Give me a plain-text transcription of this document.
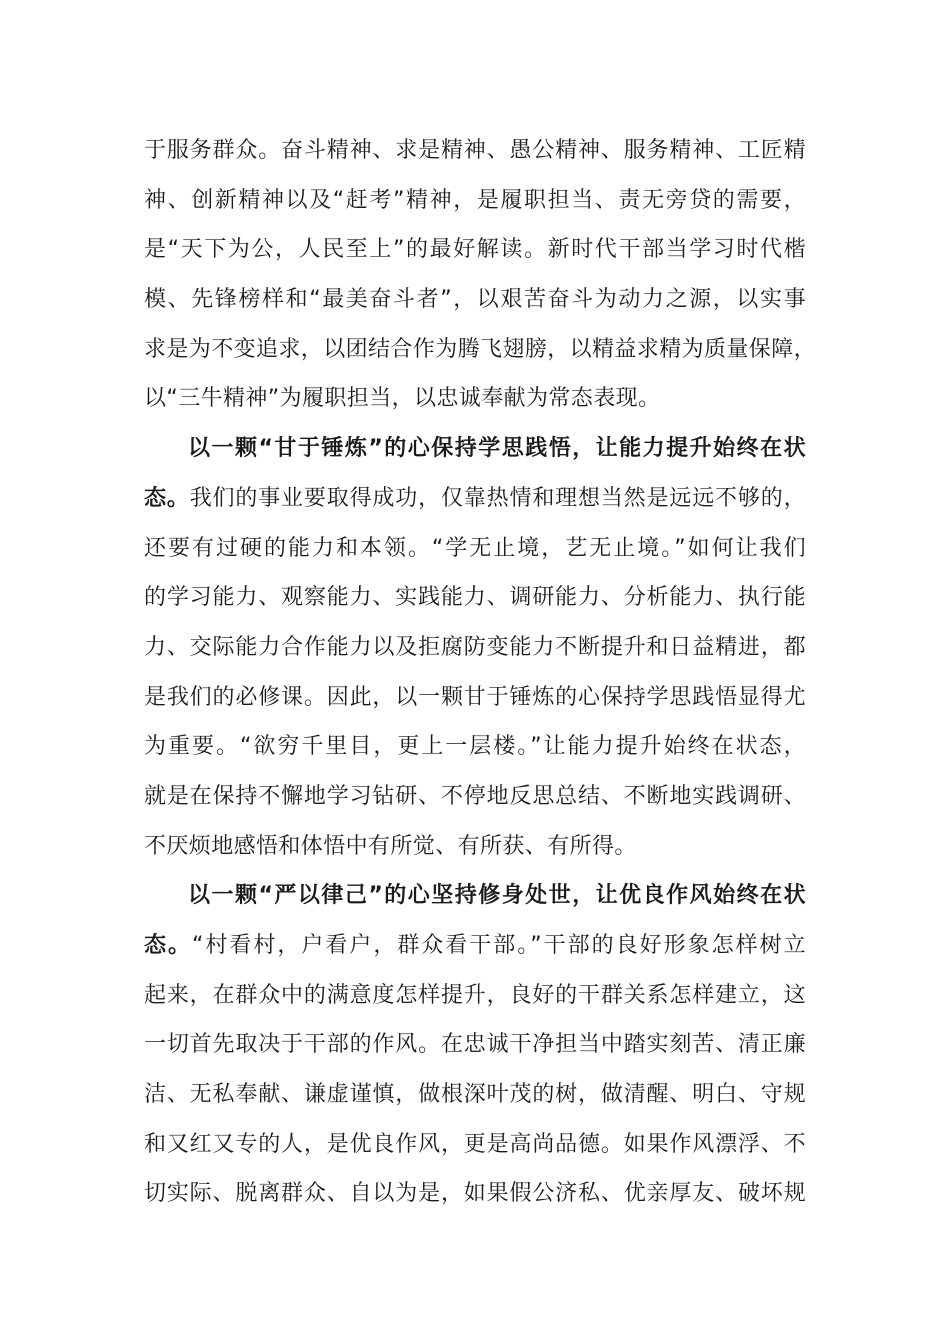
于服务群众。奋斗精神、求是精神、愚公精神、服务精神、工匠精
神、创新精神以及“赶考”精神，是履职担当、责无旁贷的需要，
是“天下为公，人民至上”的最好解读。新时代干部当学习时代楷
模、先锋榜样和“最美奋斗者”，以艰苦奋斗为动力之源，以实事
求是为不变追求，以团结合作为腾飞翅膀，以精益求精为质量保障，
以“三牛精神”为履职担当，以忠诚奉献为常态表现。
以一颗“甘于锤炼”的心保持学思践悟，让能力提升始终在状
态。我们的事业要取得成功，仅靠热情和理想当然是远远不够的，
还要有过硬的能力和本领。“学无止境，艺无止境。”如何让我们
的学习能力、观察能力、实践能力、调研能力、分析能力、执行能
力、交际能力合作能力以及拒腐防变能力不断提升和日益精进，都
是我们的必修课。因此，以一颗甘于锤炼的心保持学思践悟显得尤
为重要。“欲穷千里目，更上一层楼。”让能力提升始终在状态，
就是在保持不懈地学习钻研、不停地反思总结、不断地实践调研、
不厌烦地感悟和体悟中有所觉、有所获、有所得。
以一颗“严以律己”的心坚持修身处世，让优良作风始终在状
态。“村看村，户看户，群众看干部。”干部的良好形象怎样树立
起来，在群众中的满意度怎样提升，良好的干群关系怎样建立，这
一切首先取决于干部的作风。在忠诚干净担当中踏实刻苦、清正廉
洁、无私奉献、谦虚谨慎，做根深叶茂的树，做清醒、明白、守规
和又红又专的人，是优良作风，更是高尚品德。如果作风漂浮、不
切实际、脱离群众、自以为是，如果假公济私、优亲厚友、破坏规
